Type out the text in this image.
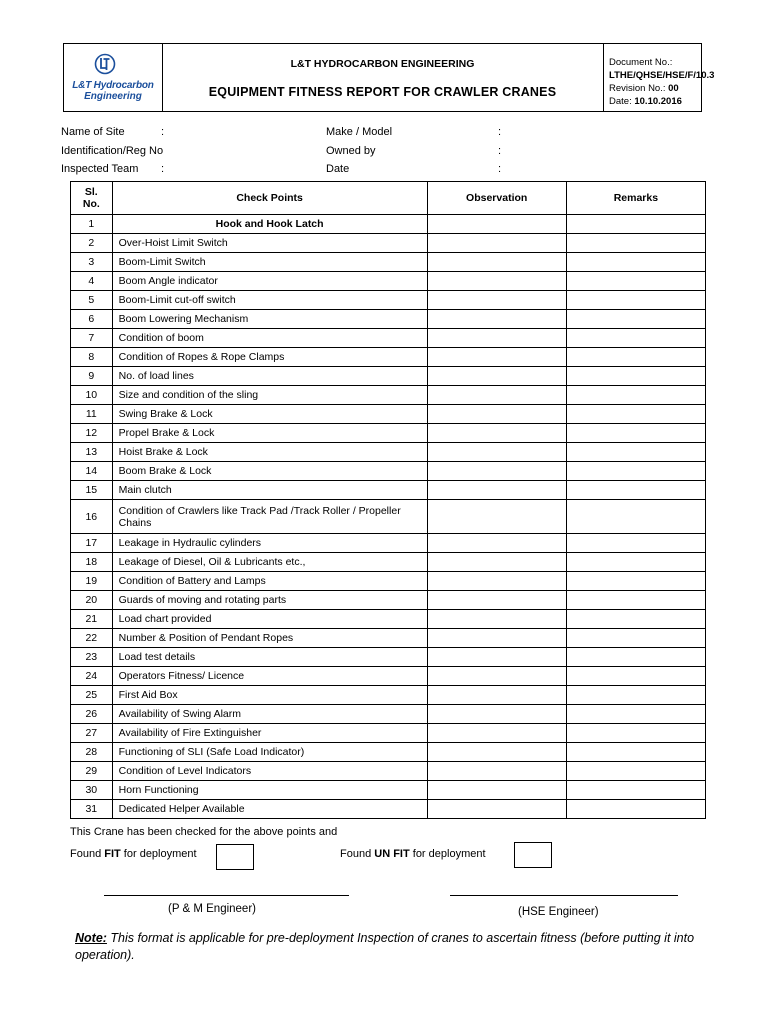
L&T Hydrocarbon
Engineering
L&T HYDROCARBON ENGINEERING
EQUIPMENT FITNESS REPORT FOR CRAWLER CRANES
Document No.:
LTHE/QHSE/HSE/F/10.3
Revision No.: 00
Date: 10.10.2016
Name of Site	:	Make / Model	:
Identification/Reg No	Owned by	:
Inspected Team :	Date	:
Sl. No.	Check Points	Observation	Remarks
1	Hook and Hook Latch		
2	Over-Hoist Limit Switch		
3	Boom-Limit Switch		
4	Boom Angle indicator		
5	Boom-Limit cut-off switch		
6	Boom Lowering Mechanism		
7	Condition of boom		
8	Condition of Ropes & Rope Clamps		
9	No. of load lines		
10	Size and condition of the sling		
11	Swing Brake & Lock		
12	Propel Brake & Lock		
13	Hoist Brake & Lock		
14	Boom Brake & Lock		
15	Main clutch		
16	Condition of Crawlers like Track Pad /Track Roller / Propeller Chains		
17	Leakage in Hydraulic cylinders		
18	Leakage of Diesel, Oil & Lubricants etc.,		
19	Condition of Battery and Lamps		
20	Guards of moving and rotating parts		
21	Load chart provided		
22	Number & Position of Pendant Ropes		
23	Load test details		
24	Operators Fitness/ Licence		
25	First Aid Box		
26	Availability of Swing Alarm		
27	Availability of Fire Extinguisher		
28	Functioning of SLI (Safe Load Indicator)		
29	Condition of Level Indicators		
30	Horn Functioning		
31	Dedicated Helper Available		
This Crane has been checked for the above points and
Found FIT for deployment	Found UN FIT for deployment
(P & M Engineer)	(HSE Engineer)
Note: This format is applicable for pre-deployment Inspection of cranes to ascertain fitness (before putting it into operation).
